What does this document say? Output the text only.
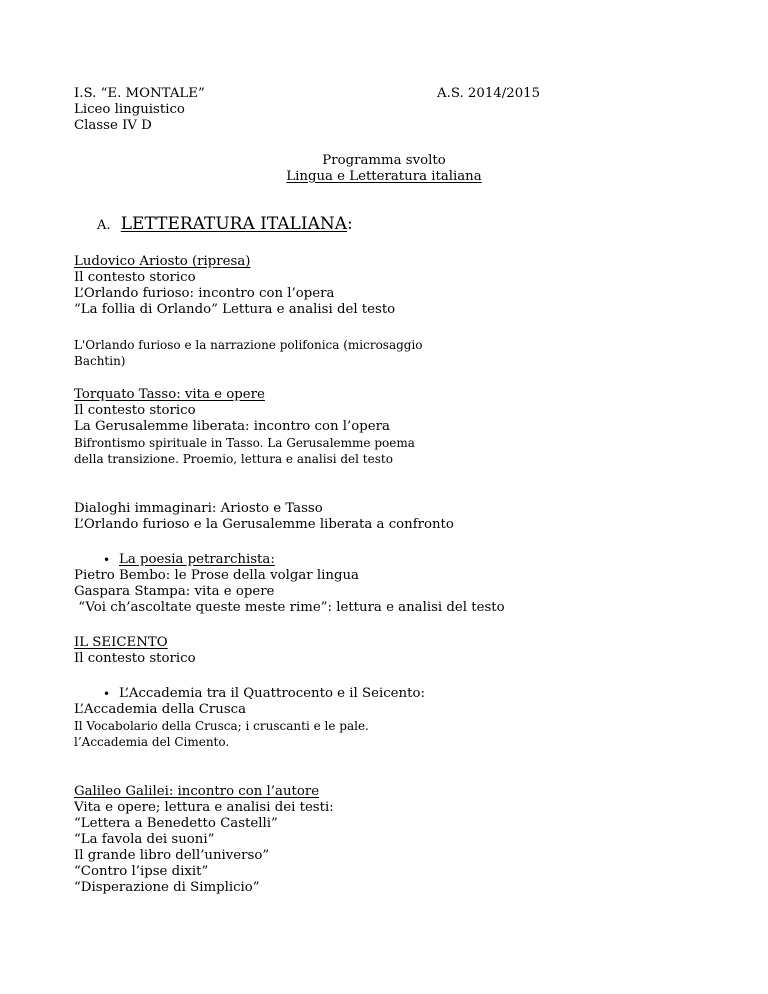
I.S. “E. MONTALE”	A.S. 2014/2015
Liceo linguistico
Classe IV D
Programma svolto
Lingua e Letteratura italiana
A. LETTERATURA ITALIANA:
Ludovico Ariosto (ripresa)
Il contesto storico
L’Orlando furioso: incontro con l’opera
“La follia di Orlando” Lettura e analisi del testo
L'Orlando furioso e la narrazione polifonica (microsaggio
Bachtin)
Torquato Tasso: vita e opere
Il contesto storico
La Gerusalemme liberata: incontro con l’opera
Bifrontismo spirituale in Tasso. La Gerusalemme poema
della transizione. Proemio, lettura e analisi del testo
Dialoghi immaginari: Ariosto e Tasso
L’Orlando furioso e la Gerusalemme liberata a confronto
• La poesia petrarchista:
Pietro Bembo: le Prose della volgar lingua
Gaspara Stampa: vita e opere
“Voi ch’ascoltate queste meste rime”: lettura e analisi del testo
IL SEICENTO
Il contesto storico
• L’Accademia tra il Quattrocento e il Seicento:
L’Accademia della Crusca
Il Vocabolario della Crusca; i cruscanti e le pale.
l’Accademia del Cimento.
Galileo Galilei: incontro con l’autore
Vita e opere; lettura e analisi dei testi:
“Lettera a Benedetto Castelli”
“La favola dei suoni”
Il grande libro dell’universo”
“Contro l’ipse dixit”
“Disperazione di Simplicio”
